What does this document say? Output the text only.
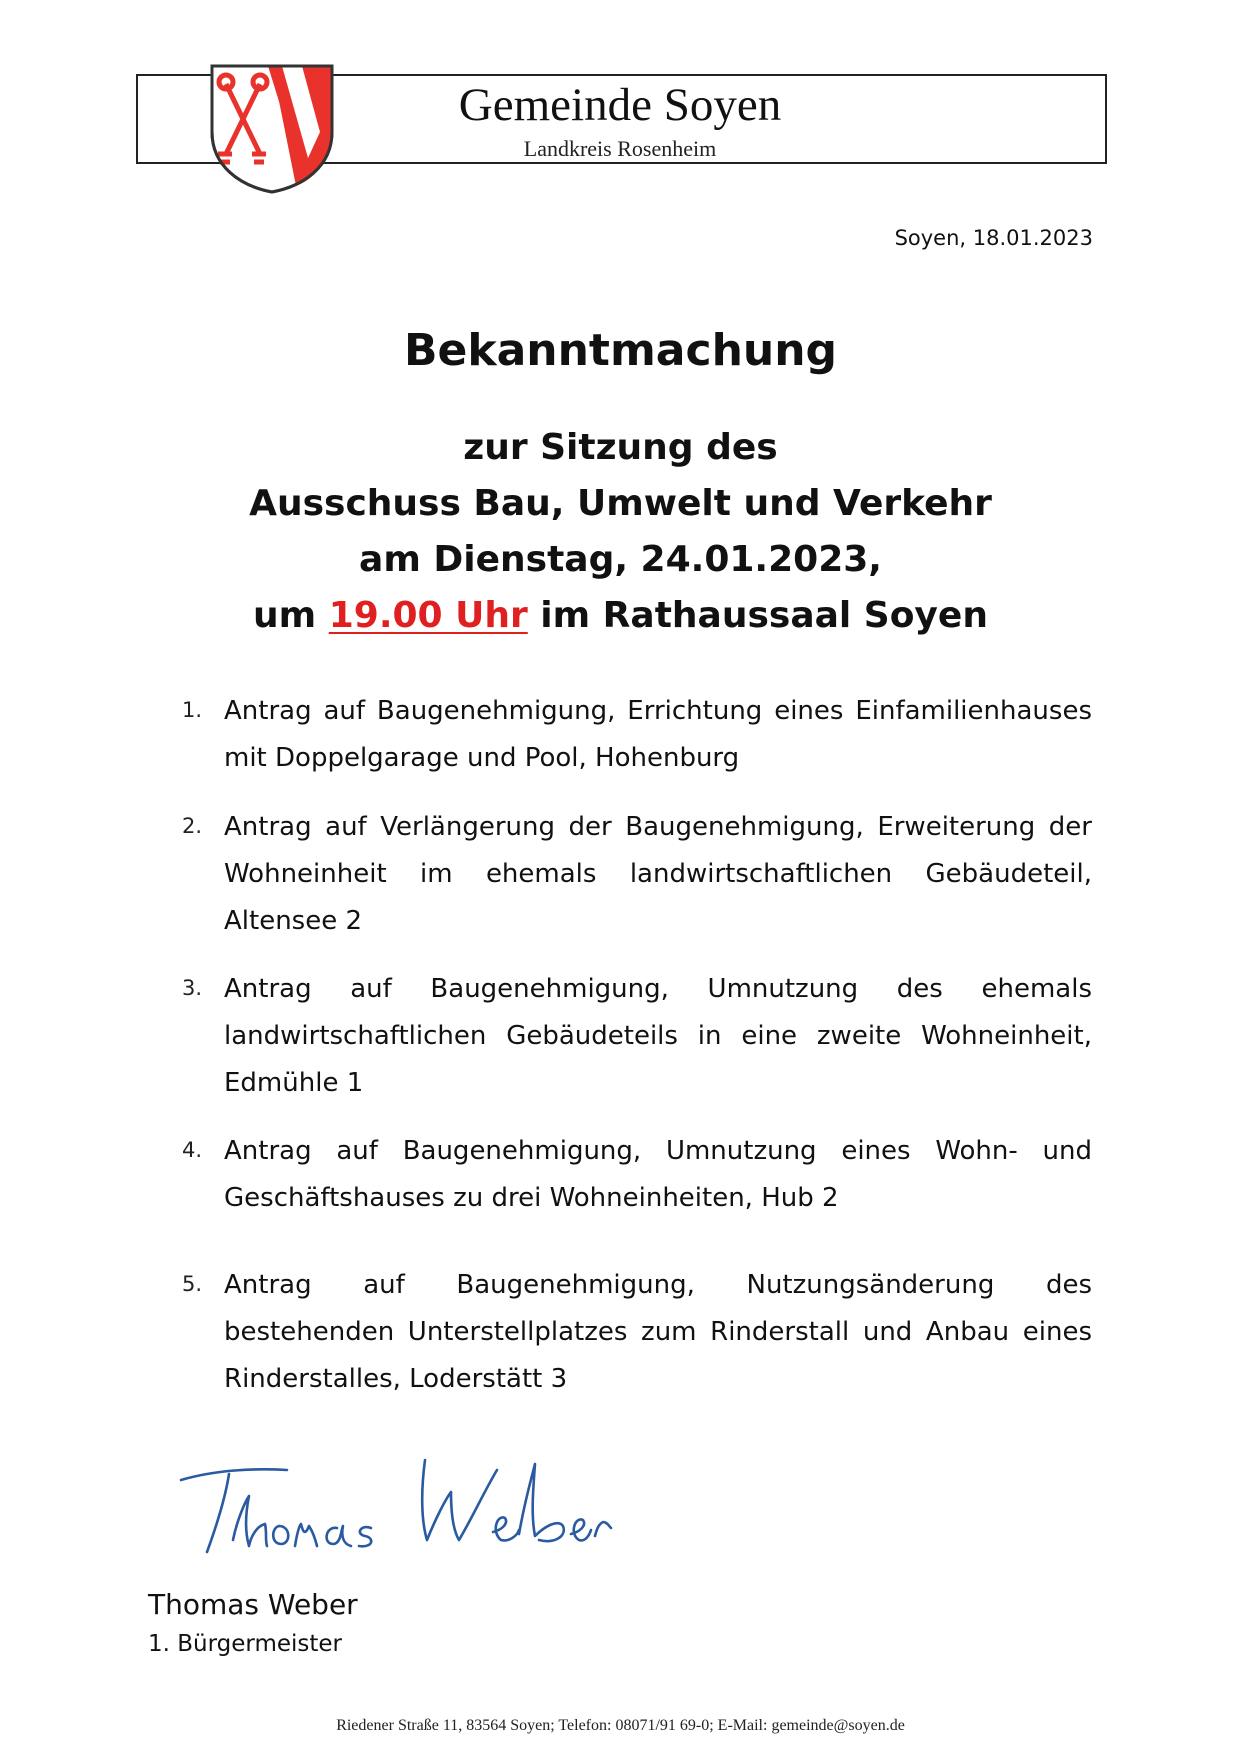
Gemeinde Soyen
Landkreis Rosenheim
Soyen, 18.01.2023
Bekanntmachung
zur Sitzung des
Ausschuss Bau, Umwelt und Verkehr
am Dienstag, 24.01.2023,
um 19.00 Uhr im Rathaussaal Soyen
1. Antrag auf Baugenehmigung, Errichtung eines Einfamilienhauses mit Doppelgarage und Pool, Hohenburg
2. Antrag auf Verlängerung der Baugenehmigung, Erweiterung der Wohneinheit im ehemals landwirtschaftlichen Gebäudeteil, Altensee 2
3. Antrag auf Baugenehmigung, Umnutzung des ehemals landwirtschaftlichen Gebäudeteils in eine zweite Wohneinheit, Edmühle 1
4. Antrag auf Baugenehmigung, Umnutzung eines Wohn- und Geschäftshauses zu drei Wohneinheiten, Hub 2
5. Antrag auf Baugenehmigung, Nutzungsänderung des bestehenden Unterstellplatzes zum Rinderstall und Anbau eines Rinderstalles, Loderstätt 3
Thomas Weber
1. Bürgermeister
Riedener Straße 11, 83564 Soyen; Telefon: 08071/91 69-0; E-Mail: gemeinde@soyen.de
